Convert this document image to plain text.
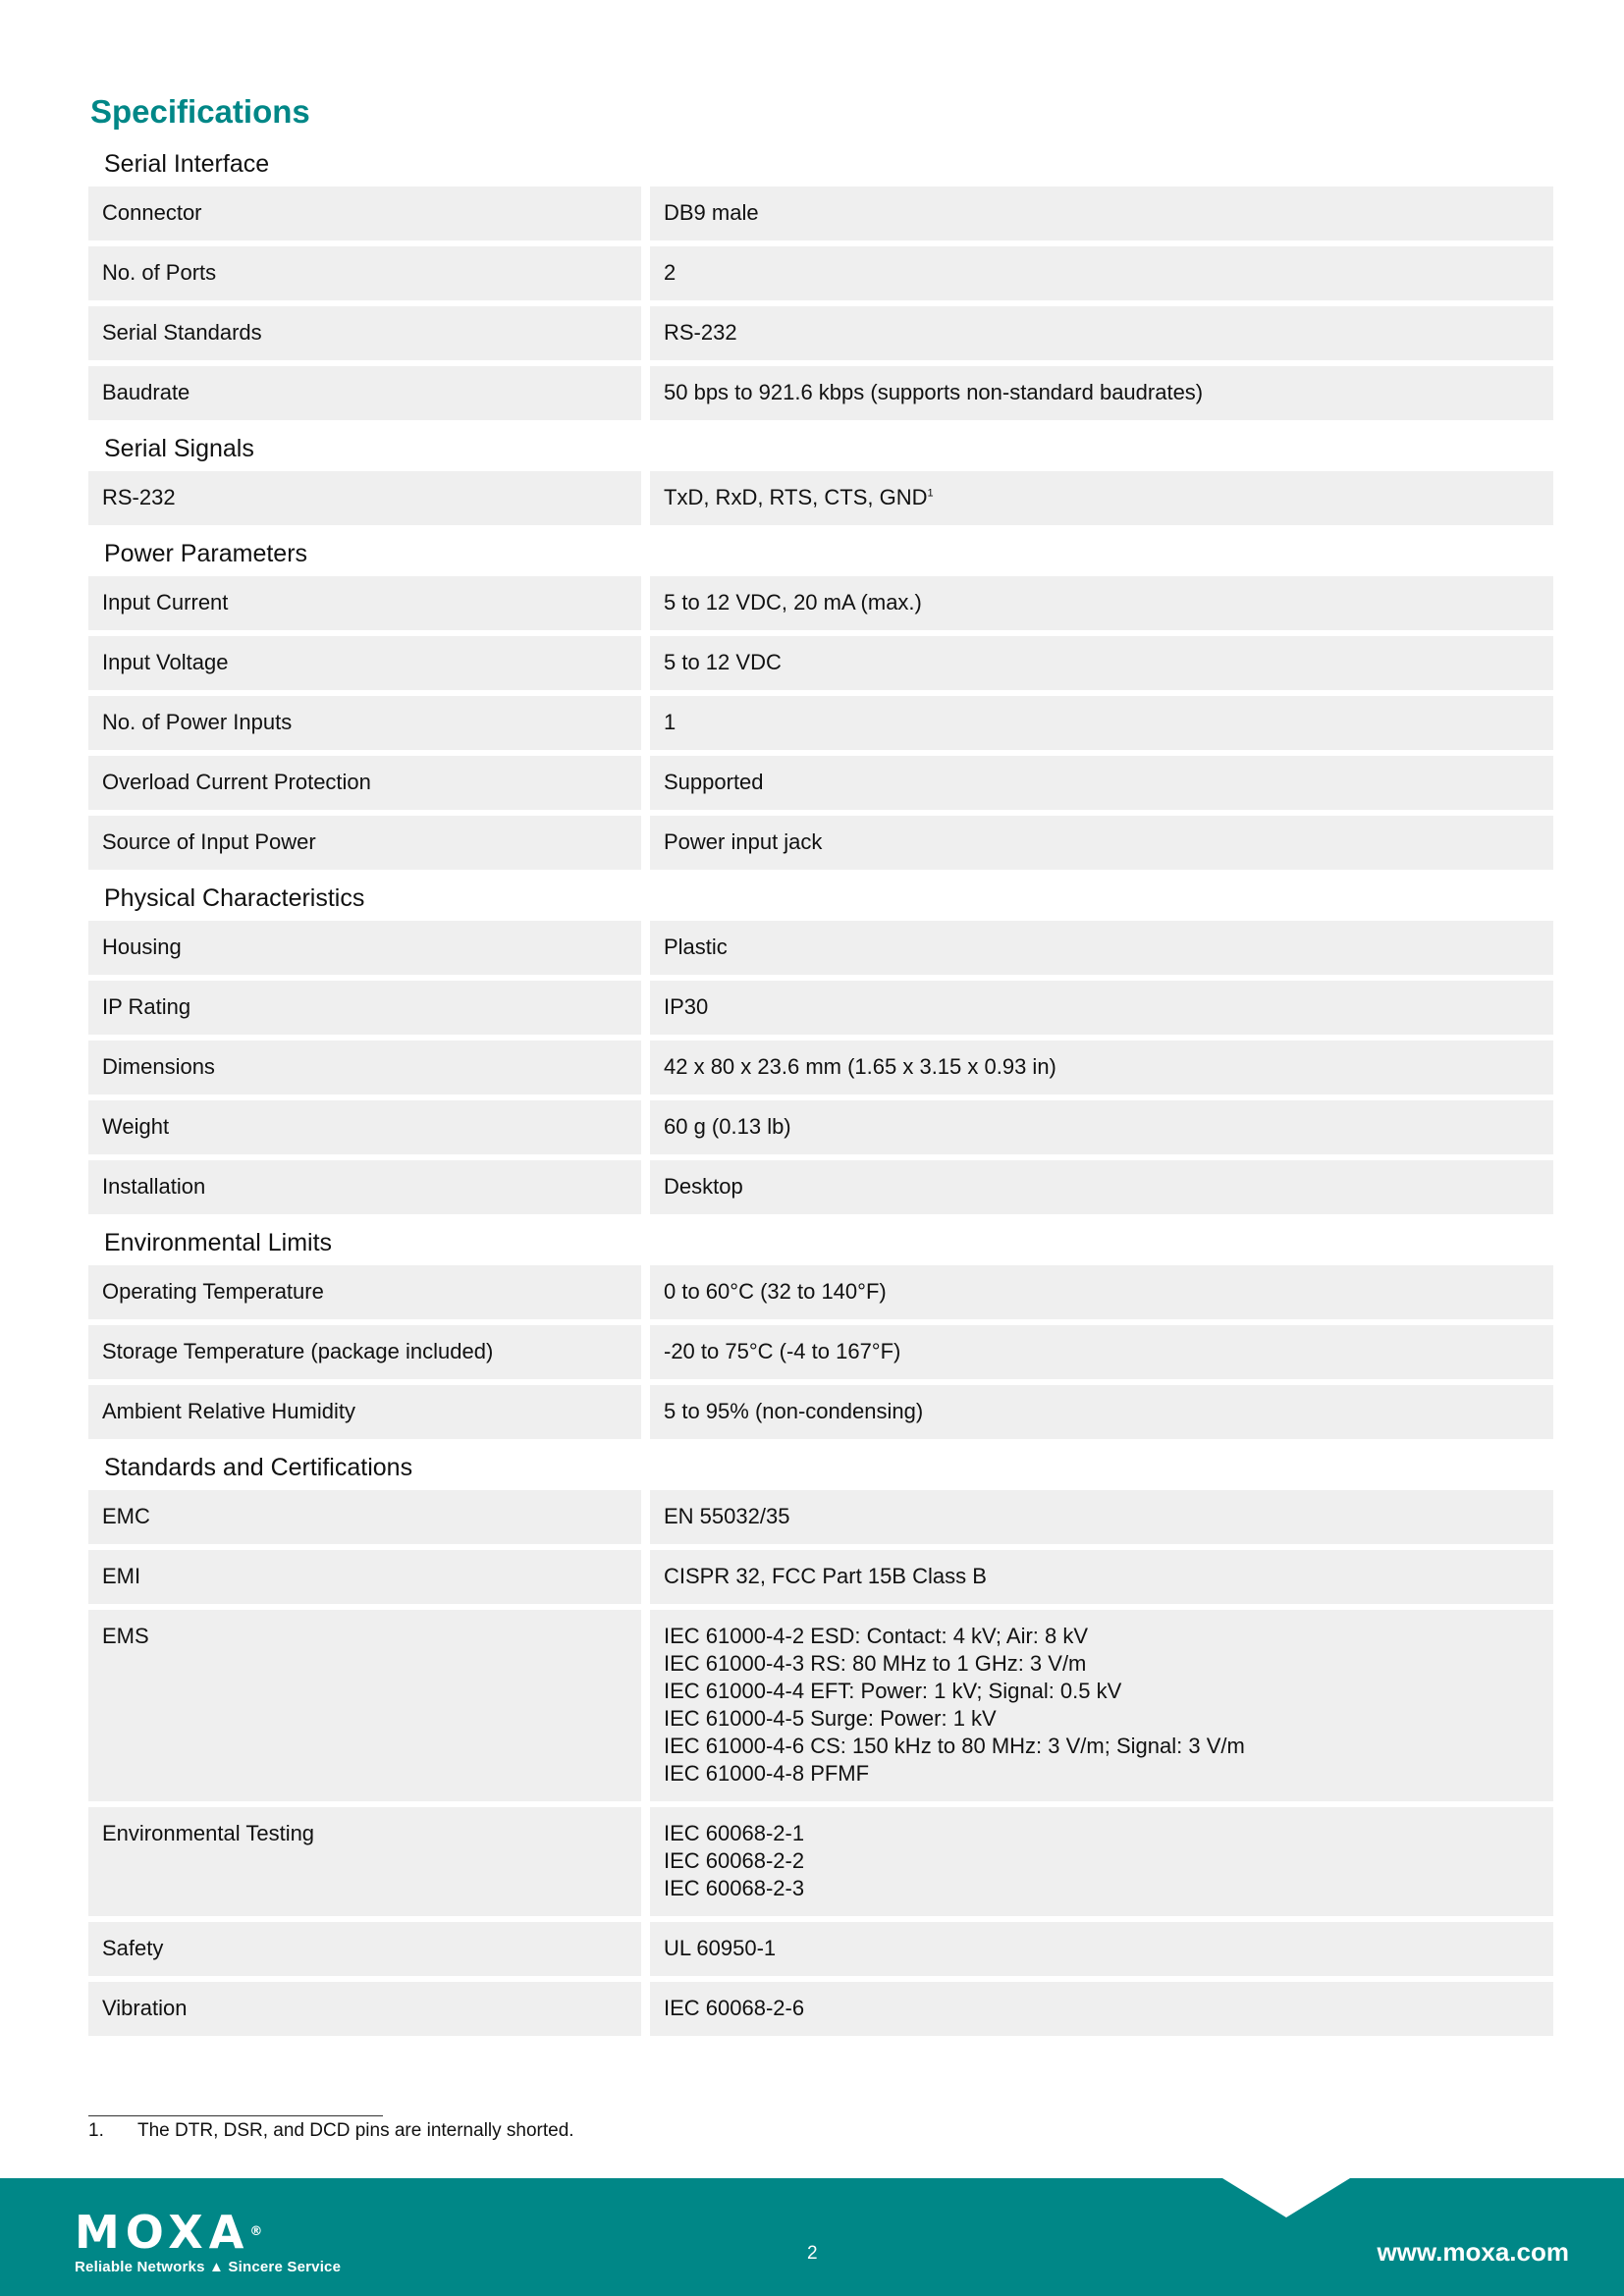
Specifications
Serial Interface
Connector	DB9 male
No. of Ports	2
Serial Standards	RS-232
Baudrate	50 bps to 921.6 kbps (supports non-standard baudrates)
Serial Signals
RS-232	TxD, RxD, RTS, CTS, GND$^1$
Power Parameters
Input Current	5 to 12 VDC, 20 mA (max.)
Input Voltage	5 to 12 VDC
No. of Power Inputs	1
Overload Current Protection	Supported
Source of Input Power	Power input jack
Physical Characteristics
Housing	Plastic
IP Rating	IP30
Dimensions	42 x 80 x 23.6 mm (1.65 x 3.15 x 0.93 in)
Weight	60 g (0.13 lb)
Installation	Desktop
Environmental Limits
Operating Temperature	0 to 60°C (32 to 140°F)
Storage Temperature (package included)	-20 to 75°C (-4 to 167°F)
Ambient Relative Humidity	5 to 95% (non-condensing)
Standards and Certifications
EMC	EN 55032/35
EMI	CISPR 32, FCC Part 15B Class B
EMS	IEC 61000-4-2 ESD: Contact: 4 kV; Air: 8 kV
IEC 61000-4-3 RS: 80 MHz to 1 GHz: 3 V/m
IEC 61000-4-4 EFT: Power: 1 kV; Signal: 0.5 kV
IEC 61000-4-5 Surge: Power: 1 kV
IEC 61000-4-6 CS: 150 kHz to 80 MHz: 3 V/m; Signal: 3 V/m
IEC 61000-4-8 PFMF
Environmental Testing	IEC 60068-2-1
IEC 60068-2-2
IEC 60068-2-3
Safety	UL 60950-1
Vibration	IEC 60068-2-6
1.	The DTR, DSR, and DCD pins are internally shorted.
MOXA®
Reliable Networks ▲ Sincere Service
2	www.moxa.com
